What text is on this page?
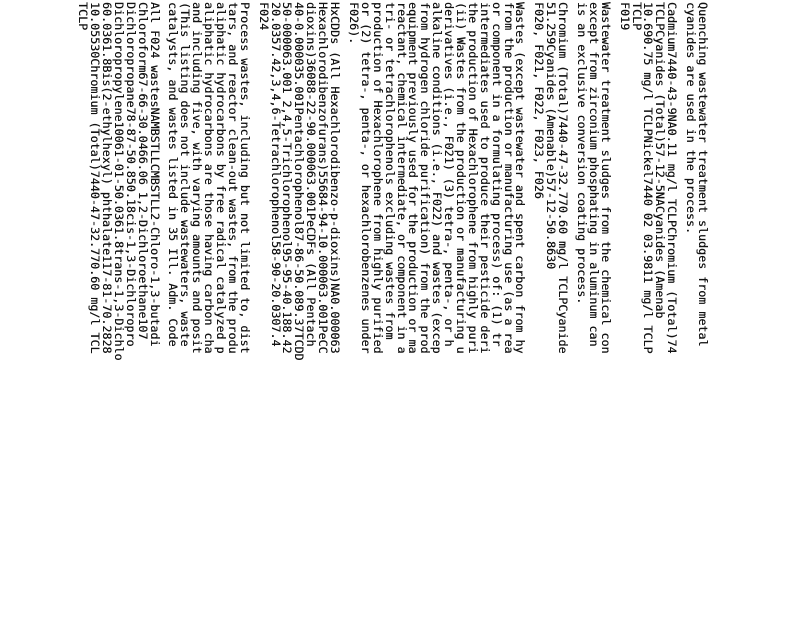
Quenching wastewater treatment sludges from metal
cyanides are used in the process.
Cadmium7440-43-9NA0.11 mg/l TCLPChromium (Total)74
TCLPCyanides (Total)57-12-5NACyanides (Amenab
10.690.75 mg/l TCLPNickel7440 02 03.9811 mg/l TCLP
TCLP
F019
Wastewater treatment sludges from the chemical con
except from zirconium phosphating in aluminum can
is an exclusive conversion coating process.
Chromium (Total)7440-47-32.770.60 mg/l TCLPCyanide
51.259Cyanides (Amenable)57-12-50.8630
F020, F021, F022, F023, F026
Wastes (except wastewater and spent carbon from hy
from the production or manufacturing use (as a rea
or component in a formulating process) of: (1) tr
intermediates used to produce their pesticide deri
the production of Hexachlorophene from highly puri
(ii) Wastes from the production or manufacturing u
derivatives (i.e., F021) (3) tetra-, penta-, or h
alkaline conditions (i.e., F022) and wastes (excep
from hydrogen chloride purification) from the prod
equipment previously used for the production or ma
reactant, chemical intermediate, or component in a
tri- or tetrachlorophenols excluding wastes from
production of Hexachlorophene from highly purified
or (2) tetra-, penta-, or hexachlorobenzenes under
F026).
HxCDDs (All Hexachlorodibenzo-p-dioxins)NA0.000063
Hexachlorodibenzofurans)55684-94-10.000063.001PeCC
dioxins)36088-22-90.000063.001PeCDFs (All Pentach
40-0.000035.001Pentachlorophenol87-86-50.089.37TCDD
50-000063.001 2,4,5-Trichlorophenol95-95-40.188.42
20.0357.42,3,4,6-Tetrachlorophenol58-90-20.0307.4
F024
Process wastes, including but not limited to, dist
tars, and reactor clean-out wastes, from the produ
aliphatic hydrocarbons by free radical catalyzed p
aliphatic hydrocarbons are those having carbon cha
and including five, with varying amounts and posit
(This listing does not include wastewaters, waste
catalysts, and wastes listed in 35 Ill. Adm. Code
All F024 wastesNAMBSTLLCMBSTLL2-Chloro-1,3-butadi
Chloroform67-66-30.0466.06 1,2-Dichloroethane107
Dichloropropane78-87-50.850.18cis-1,3-Dichloropro
Dichloropropylene10061-01-50.0361.8trans-1,3-Dichlo
60.0361.8Bis(2-ethylhexyl) phthalate117-81-70.2828
10.05530Chromium (Total)7440-47-32.770.60 mg/l TCL
TCLP
